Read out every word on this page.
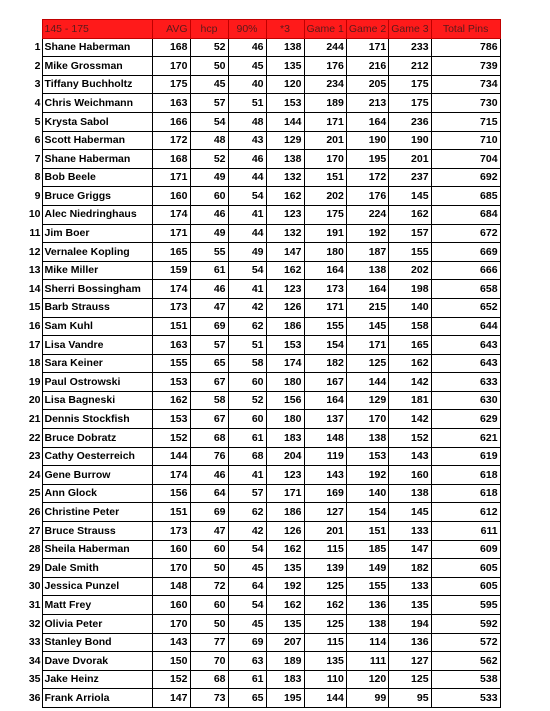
	145 - 175	AVG	hcp	90%	*3	Game 1	Game 2	Game 3	Total Pins
1	Shane Haberman	168	52	46	138	244	171	233	786
2	Mike Grossman	170	50	45	135	176	216	212	739
3	Tiffany Buchholtz	175	45	40	120	234	205	175	734
4	Chris Weichmann	163	57	51	153	189	213	175	730
5	Krysta Sabol	166	54	48	144	171	164	236	715
6	Scott Haberman	172	48	43	129	201	190	190	710
7	Shane Haberman	168	52	46	138	170	195	201	704
8	Bob Beele	171	49	44	132	151	172	237	692
9	Bruce Griggs	160	60	54	162	202	176	145	685
10	Alec Niedringhaus	174	46	41	123	175	224	162	684
11	Jim Boer	171	49	44	132	191	192	157	672
12	Vernalee Kopling	165	55	49	147	180	187	155	669
13	Mike Miller	159	61	54	162	164	138	202	666
14	Sherri Bossingham	174	46	41	123	173	164	198	658
15	Barb Strauss	173	47	42	126	171	215	140	652
16	Sam Kuhl	151	69	62	186	155	145	158	644
17	Lisa Vandre	163	57	51	153	154	171	165	643
18	Sara Keiner	155	65	58	174	182	125	162	643
19	Paul Ostrowski	153	67	60	180	167	144	142	633
20	Lisa Bagneski	162	58	52	156	164	129	181	630
21	Dennis Stockfish	153	67	60	180	137	170	142	629
22	Bruce Dobratz	152	68	61	183	148	138	152	621
23	Cathy Oesterreich	144	76	68	204	119	153	143	619
24	Gene Burrow	174	46	41	123	143	192	160	618
25	Ann Glock	156	64	57	171	169	140	138	618
26	Christine Peter	151	69	62	186	127	154	145	612
27	Bruce Strauss	173	47	42	126	201	151	133	611
28	Sheila Haberman	160	60	54	162	115	185	147	609
29	Dale Smith	170	50	45	135	139	149	182	605
30	Jessica Punzel	148	72	64	192	125	155	133	605
31	Matt Frey	160	60	54	162	162	136	135	595
32	Olivia Peter	170	50	45	135	125	138	194	592
33	Stanley Bond	143	77	69	207	115	114	136	572
34	Dave Dvorak	150	70	63	189	135	111	127	562
35	Jake Heinz	152	68	61	183	110	120	125	538
36	Frank Arriola	147	73	65	195	144	99	95	533
